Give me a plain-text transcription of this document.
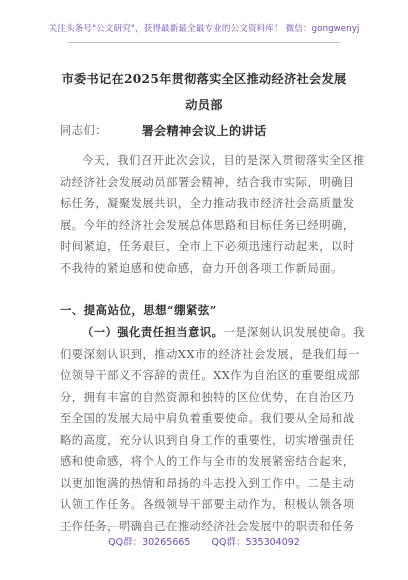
关注头条号"公文研究"，获得最新最全最专业的公文资料库！ 微信：gongwenyj
市委书记在2025年贯彻落实全区推动经济社会发展动员部
署会精神会议上的讲话
同志们：
今天，我们召开此次会议，目的是深入贯彻落实全区推
动经济社会发展动员部署会精神，结合我市实际，明确目
标任务，凝聚发展共识，全力推动我市经济社会高质量发
展。今年的经济社会发展总体思路和目标任务已经明确，
时间紧迫，任务艰巨，全市上下必须迅速行动起来，以时
不我待的紧迫感和使命感，奋力开创各项工作新局面。
一、提高站位，思想“绷紧弦”
（一）强化责任担当意识。一是深刻认识发展使命。我
们要深刻认识到，推动XX市的经济社会发展，是我们每一
位领导干部义不容辞的责任。XX作为自治区的重要组成部
分，拥有丰富的自然资源和独特的区位优势，在自治区乃
至全国的发展大局中肩负着重要使命。我们要从全局和战
略的高度，充分认识到自身工作的重要性，切实增强责任
感和使命感，将个人的工作与全市的发展紧密结合起来，
以更加饱满的热情和昂扬的斗志投入到工作中。二是主动
认领工作任务。各级领导干部要主动作为，积极认领各项
工作任务，明确自己在推动经济社会发展中的职责和任务
QQ群：30265665 QQ群：535304092
